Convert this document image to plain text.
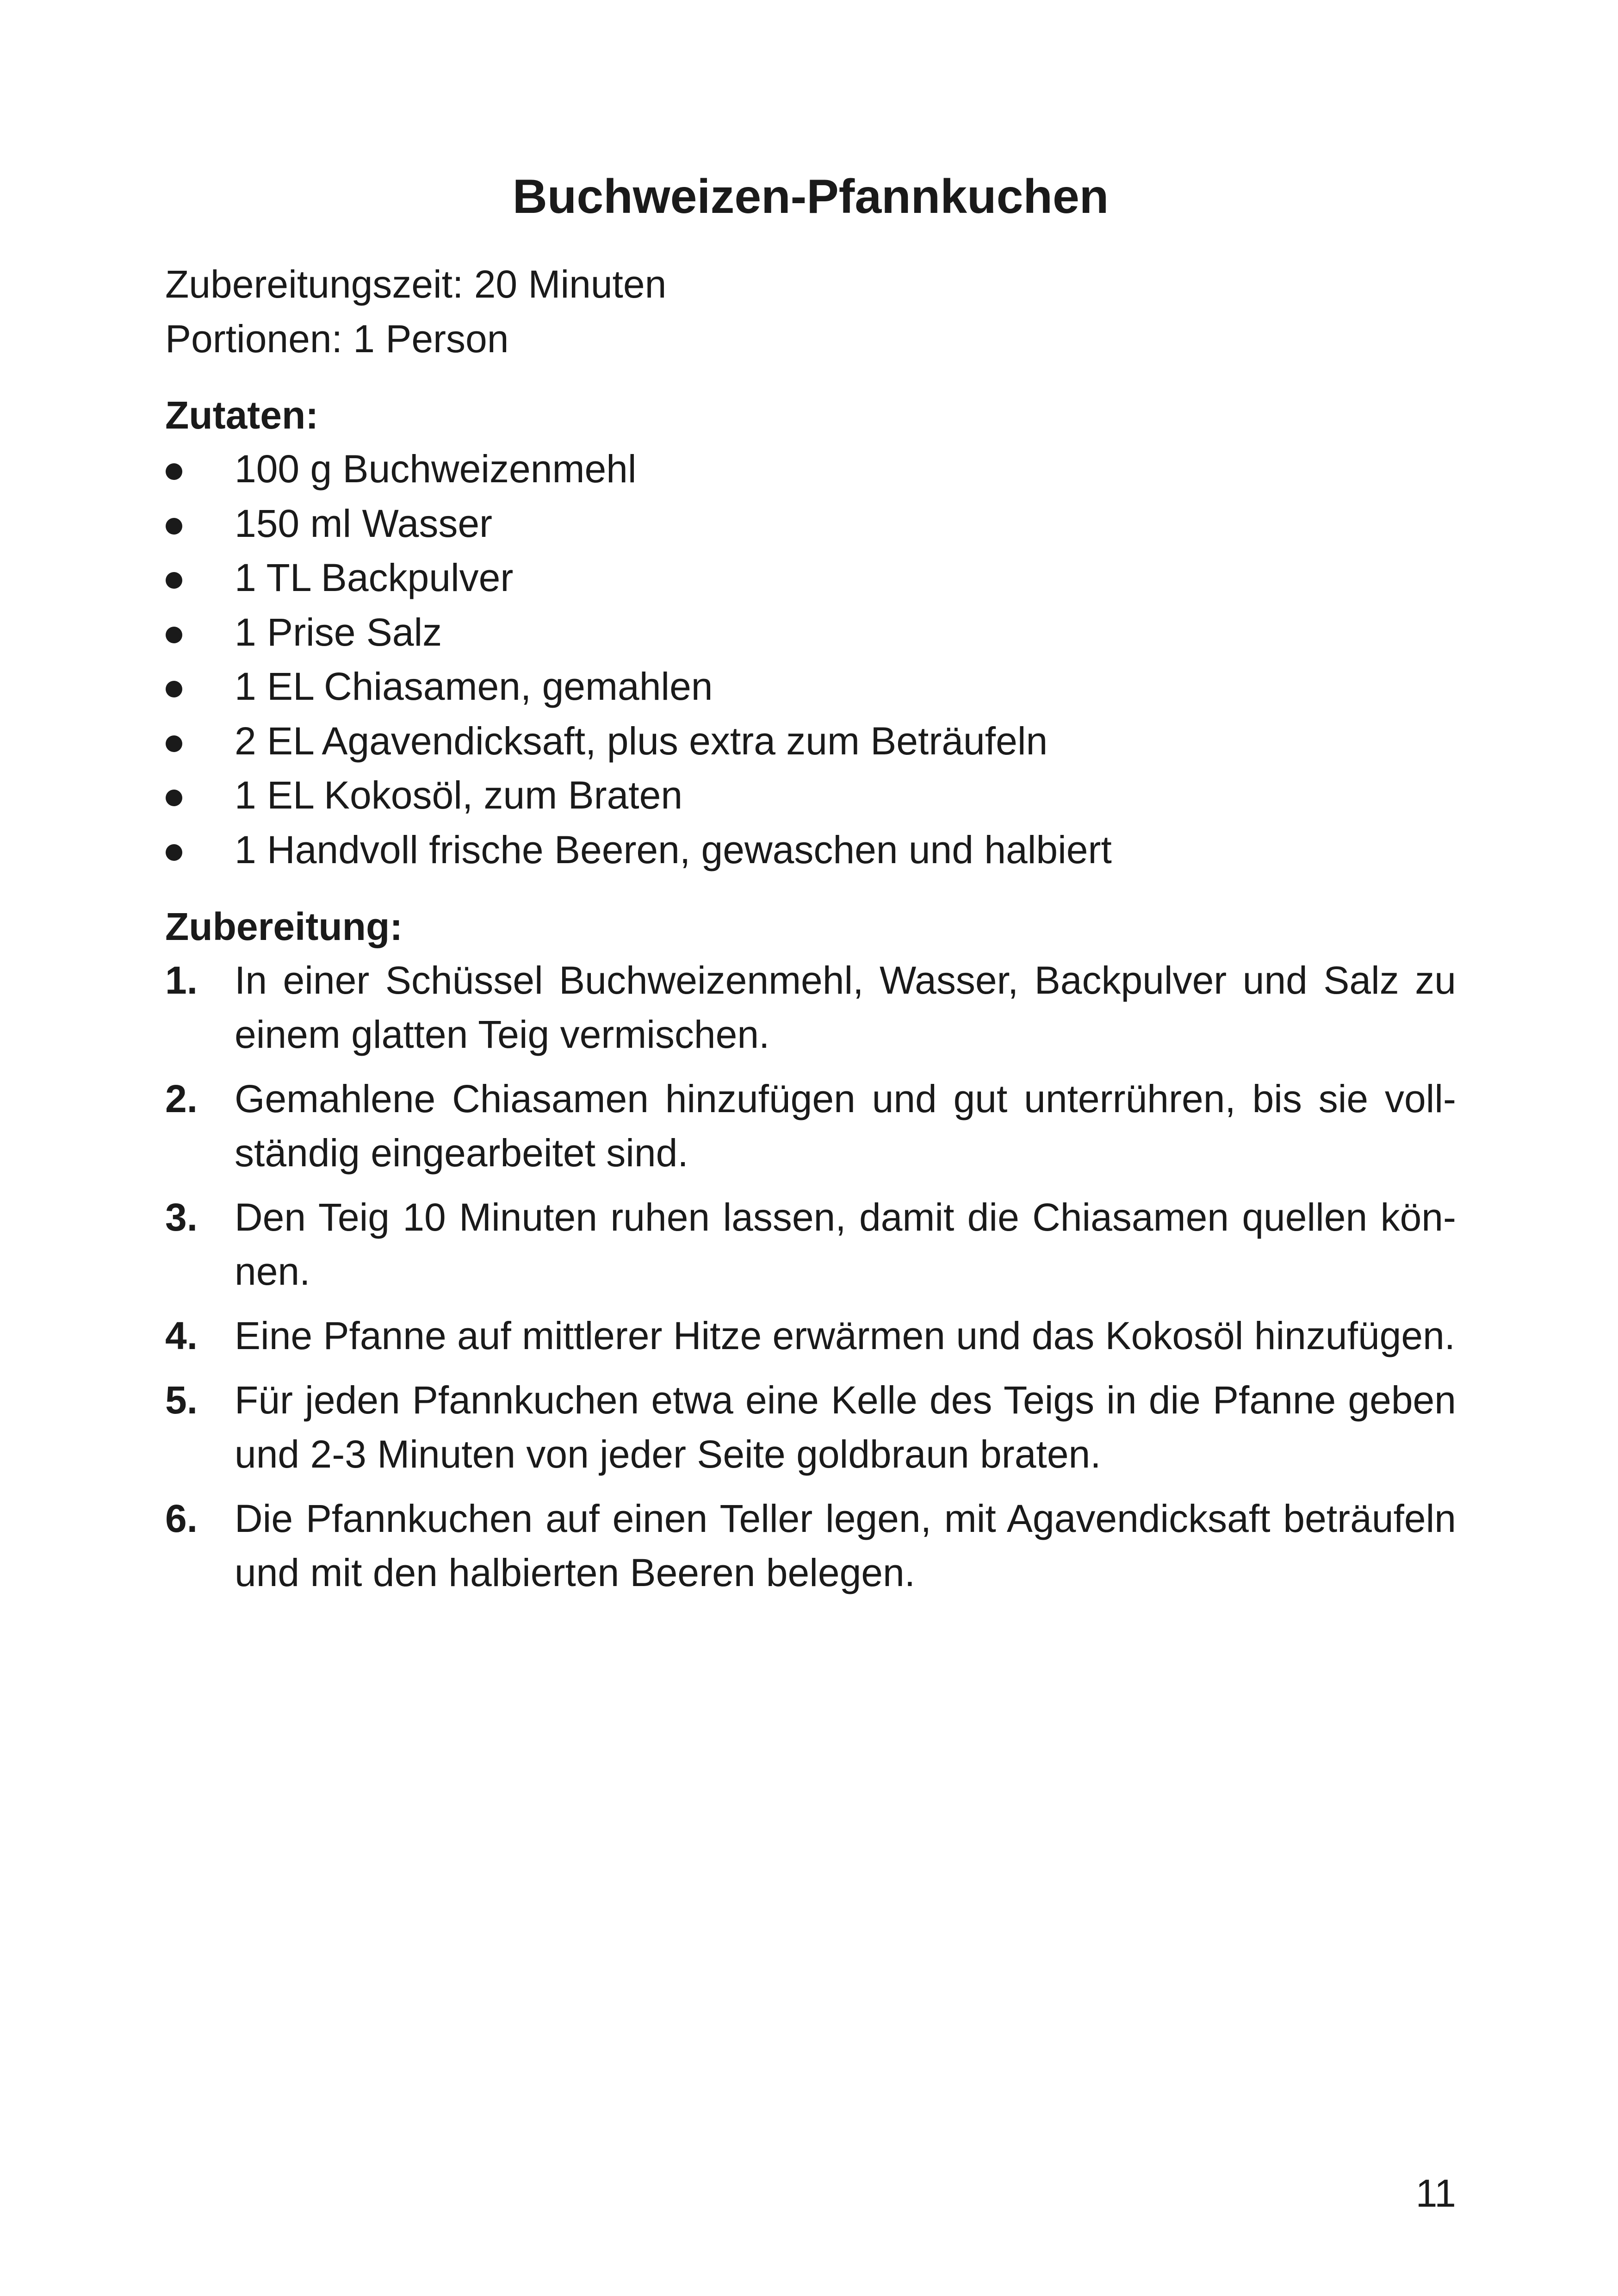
Buchweizen-Pfannkuchen
Zubereitungszeit: 20 Minuten
Portionen: 1 Person
Zutaten:
100 g Buchweizenmehl
150 ml Wasser
1 TL Backpulver
1 Prise Salz
1 EL Chiasamen, gemahlen
2 EL Agavendicksaft, plus extra zum Beträufeln
1 EL Kokosöl, zum Braten
1 Handvoll frische Beeren, gewaschen und halbiert
Zubereitung:
1. In einer Schüssel Buchweizenmehl, Wasser, Backpulver und Salz zu einem glatten Teig vermischen.
2. Gemahlene Chiasamen hinzufügen und gut unterrühren, bis sie vollständig eingearbeitet sind.
3. Den Teig 10 Minuten ruhen lassen, damit die Chiasamen quellen können.
4. Eine Pfanne auf mittlerer Hitze erwärmen und das Kokosöl hinzufügen.
5. Für jeden Pfannkuchen etwa eine Kelle des Teigs in die Pfanne geben und 2-3 Minuten von jeder Seite goldbraun braten.
6. Die Pfannkuchen auf einen Teller legen, mit Agavendicksaft beträufeln und mit den halbierten Beeren belegen.
11
